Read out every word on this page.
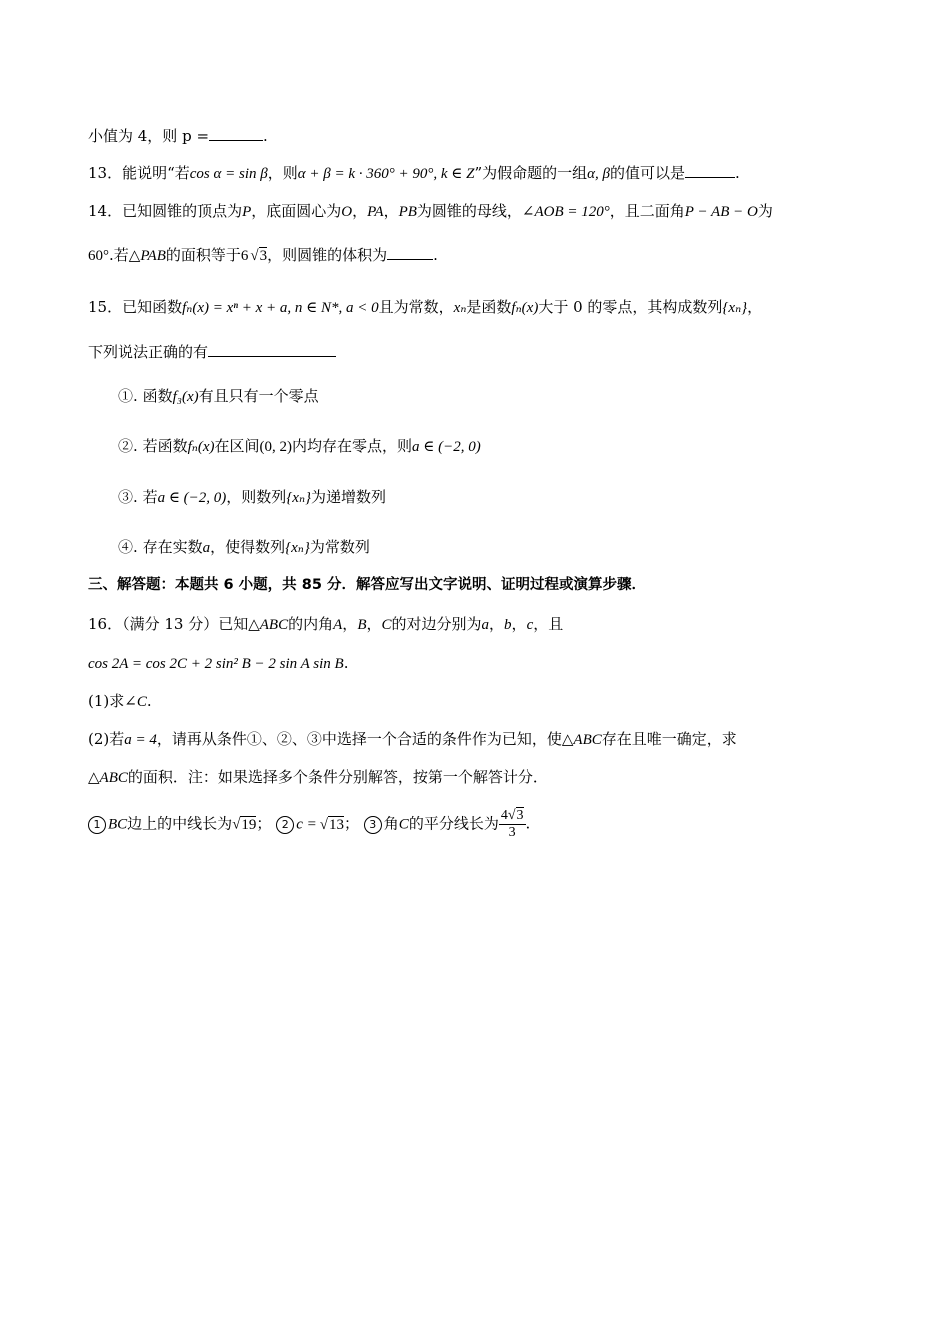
小值为 4，则 p =	.
13．能说明“若cos α = sin β，则α + β = k · 360° + 90°, k ∈ Z”为假命题的一组α, β的值可以是	.
14．已知圆锥的顶点为P，底面圆心为O，PA，PB为圆锥的母线，∠AOB = 120°，且二面角P − AB − O为
60°.若△PAB的面积等于6 √3，则圆锥的体积为	.
15．已知函数fₙ(x) = xⁿ + x + a, n ∈ N*, a < 0且为常数，xₙ是函数fₙ(x)大于 0 的零点，其构成数列{xₙ}，
下列说法正确的有
①. 函数f₃(x)有且只有一个零点
②. 若函数fₙ(x)在区间(0, 2)内均存在零点，则a ∈ (−2, 0)
③. 若a ∈ (−2, 0)，则数列{xₙ}为递增数列
④. 存在实数a，使得数列{xₙ}为常数列
三、解答题：本题共 6 小题，共 85 分．解答应写出文字说明、证明过程或演算步骤．
16．（满分 13 分）已知△ABC的内角A，B，C的对边分别为a，b，c，且
cos 2A = cos 2C + 2 sin² B − 2 sin A sin B.
(1)求∠C.
(2)若a = 4，请再从条件①、②、③中选择一个合适的条件作为已知，使△ABC存在且唯一确定，求
△ABC的面积．注：如果选择多个条件分别解答，按第一个解答计分．
1 BC边上的中线长为√19； 2 c = √13； 3 角C的平分线长为 $\frac{4√3}{3}$ .
